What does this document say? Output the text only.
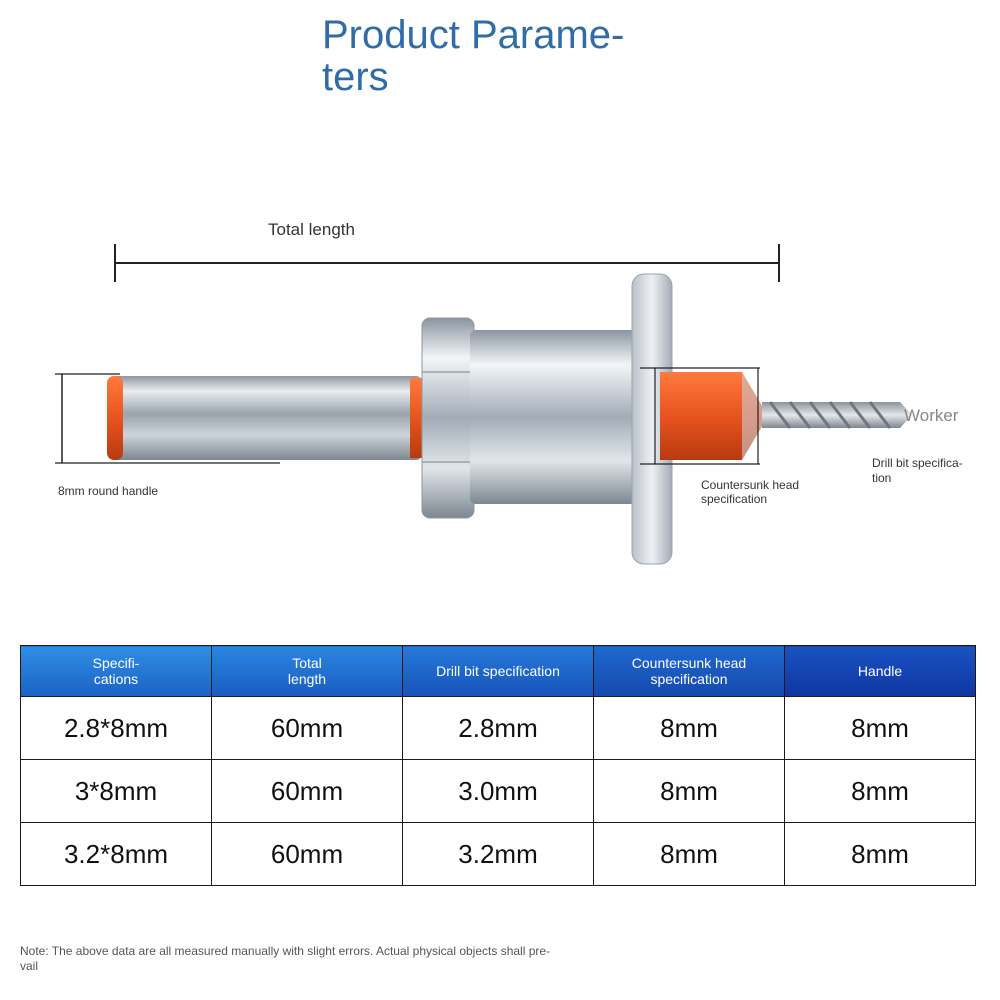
Product Parame-
ters
Total length
8mm round handle	Countersunk head
specification
Worker
Drill bit specifica-
tion
Specifi-
cations	Total
length	Drill bit specification	Countersunk head
specification	Handle

2.8*8mm	60mm	2.8mm	8mm	8mm
3*8mm	60mm	3.0mm	8mm	8mm
3.2*8mm	60mm	3.2mm	8mm	8mm
Note: The above data are all measured manually with slight errors. Actual physical objects shall pre-
vail
